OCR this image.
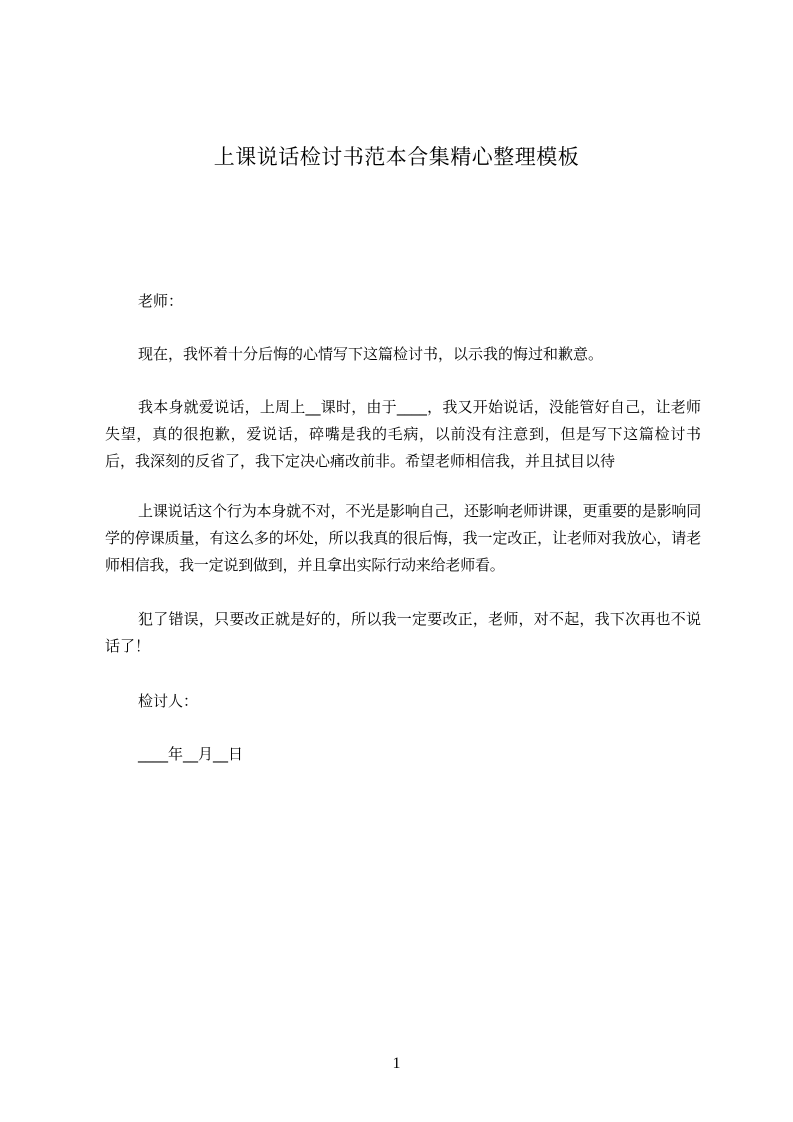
上课说话检讨书范本合集精心整理模板

老师：

现在，我怀着十分后悔的心情写下这篇检讨书，以示我的悔过和歉意。

我本身就爱说话，上周上__课时，由于____，我又开始说话，没能管好自己，让老师失望，真的很抱歉，爱说话，碎嘴是我的毛病，以前没有注意到，但是写下这篇检讨书后，我深刻的反省了，我下定决心痛改前非。希望老师相信我，并且拭目以待

上课说话这个行为本身就不对，不光是影响自己，还影响老师讲课，更重要的是影响同学的停课质量，有这么多的坏处，所以我真的很后悔，我一定改正，让老师对我放心，请老师相信我，我一定说到做到，并且拿出实际行动来给老师看。

犯了错误，只要改正就是好的，所以我一定要改正，老师，对不起，我下次再也不说话了！

检讨人：

____年__月__日

1
